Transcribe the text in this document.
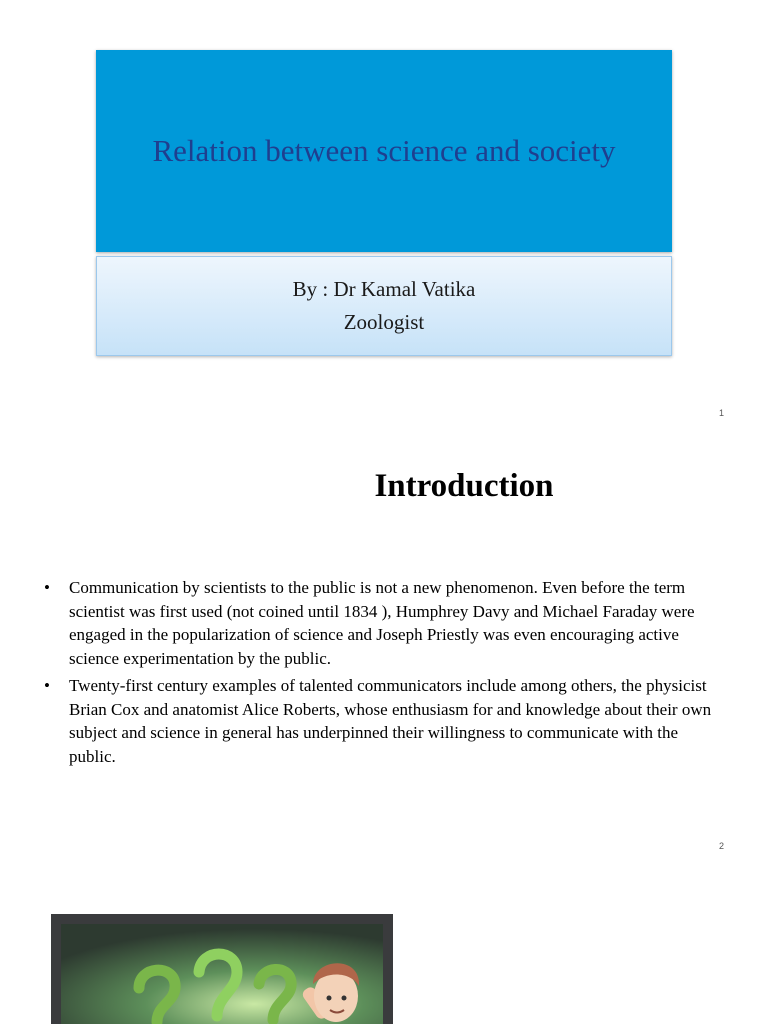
Relation between science and society
By : Dr Kamal Vatika
Zoologist
1
Introduction
• Communication by scientists to the public is not a new phenomenon. Even before the term scientist was first used (not coined until 1834 ), Humphrey Davy and Michael Faraday were engaged in the popularization of science and Joseph Priestly was even encouraging active science experimentation by the public.
• Twenty-first century examples of talented communicators include among others, the physicist Brian Cox and anatomist Alice Roberts, whose enthusiasm for and knowledge about their own subject and science in general has underpinned their willingness to communicate with the public.
2
